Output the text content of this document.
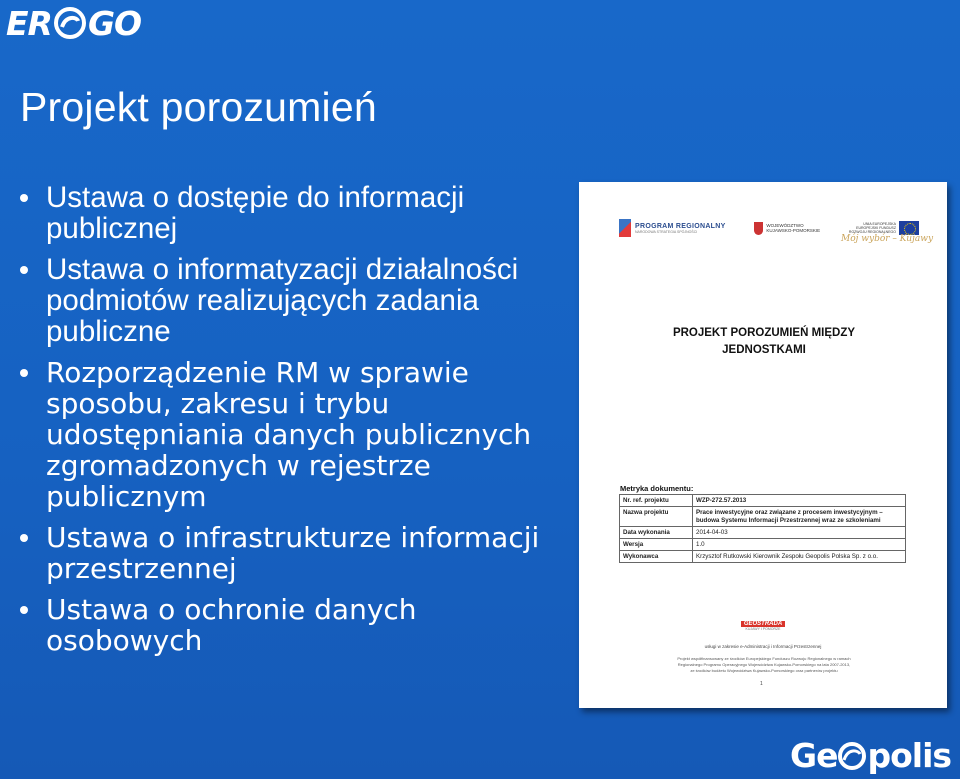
ER GO
Projekt porozumień
Ustawa o dostępie do informacji publicznej
Ustawa o informatyzacji działalności podmiotów realizujących zadania publiczne
Rozporządzenie RM w sprawie sposobu, zakresu i trybu udostępniania danych publicznych zgromadzonych w rejestrze publicznym
Ustawa o infrastrukturze informacji przestrzennej
Ustawa o ochronie danych osobowych
PROGRAM REGIONALNY
NARODOWA STRATEGIA SPÓJNOŚCI
WOJEWÓDZTWO
KUJAWSKO-POMORSKIE
UNIA EUROPEJSKA
EUROPEJSKI FUNDUSZ
ROZWOJU REGIONALNEGO
Mój wybór – Kujawy
PROJEKT POROZUMIEŃ MIĘDZY
JEDNOSTKAMI
Metryka dokumentu:
Nr. ref. projektu	WZP-272.57.2013
Nazwa projektu	Prace inwestycyjne oraz związane z procesem inwestycyjnym – budowa Systemu Informacji Przestrzennej wraz ze szkoleniami
Data wykonania	2014-04-03
Wersja	1.0
Wykonawca	Krzysztof Rutkowski Kierownik Zespołu Geopolis Polska Sp. z o.o.
GEOSTRADA
KUJAWY I POMORZE
usługi w zakresie e-Administracji i Informacji Przestrzennej
Projekt współfinansowany ze środków Europejskiego Funduszu Rozwoju Regionalnego w ramach
Regionalnego Programu Operacyjnego Województwa Kujawsko-Pomorskiego na lata 2007-2013,
ze środków budżetu Województwa Kujawsko-Pomorskiego oraz partnerów projektu
1
Ge polis
